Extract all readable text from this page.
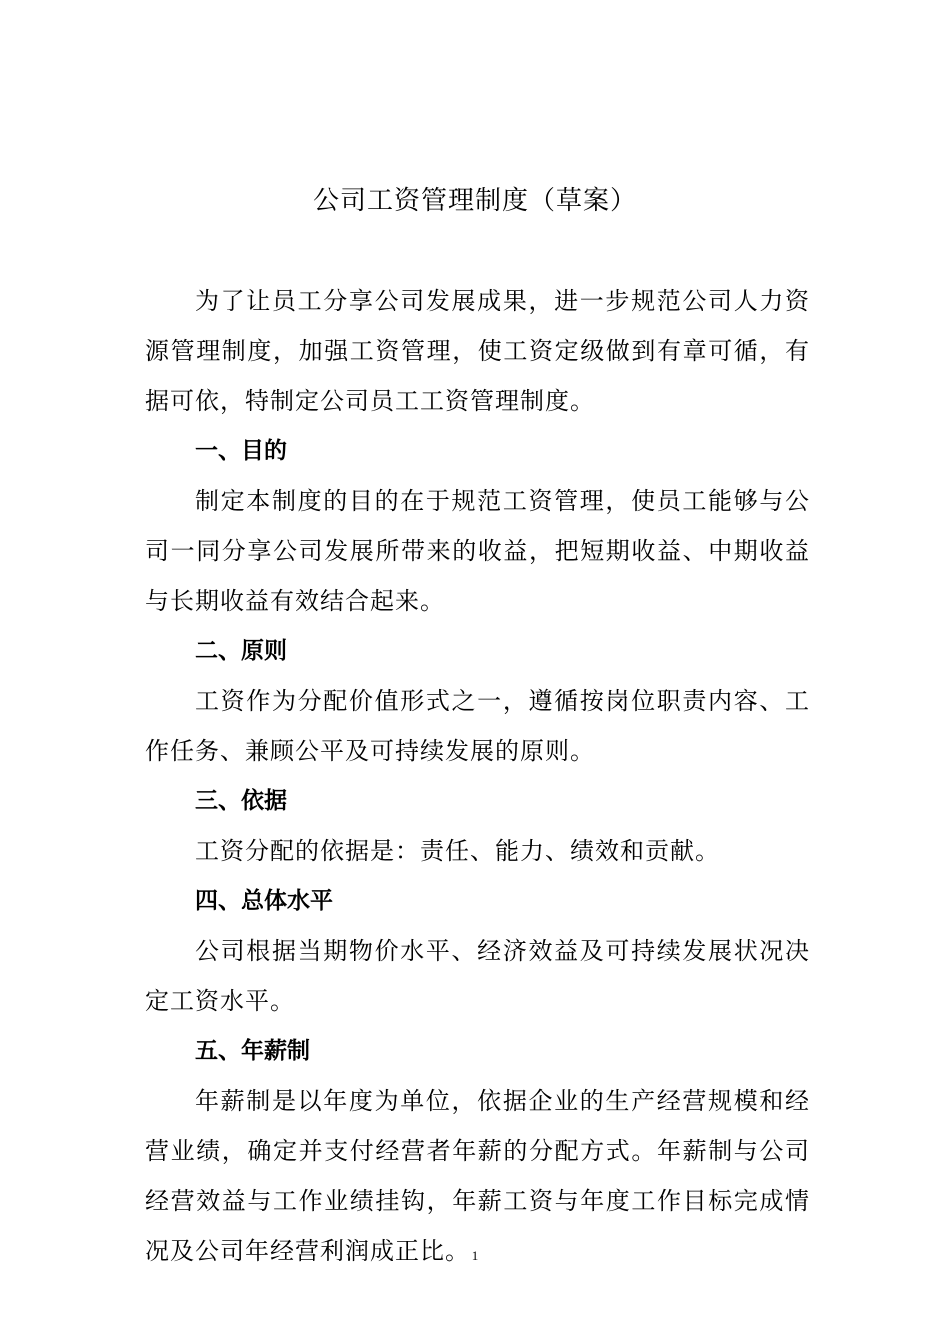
公司工资管理制度（草案）

为了让员工分享公司发展成果，进一步规范公司人力资源管理制度，加强工资管理，使工资定级做到有章可循，有据可依，特制定公司员工工资管理制度。

一、目的

制定本制度的目的在于规范工资管理，使员工能够与公司一同分享公司发展所带来的收益，把短期收益、中期收益与长期收益有效结合起来。

二、原则

工资作为分配价值形式之一，遵循按岗位职责内容、工作任务、兼顾公平及可持续发展的原则。

三、依据

工资分配的依据是：责任、能力、绩效和贡献。

四、总体水平

公司根据当期物价水平、经济效益及可持续发展状况决定工资水平。

五、年薪制

年薪制是以年度为单位，依据企业的生产经营规模和经营业绩，确定并支付经营者年薪的分配方式。年薪制与公司经营效益与工作业绩挂钩，年薪工资与年度工作目标完成情况及公司年经营利润成正比。 1
